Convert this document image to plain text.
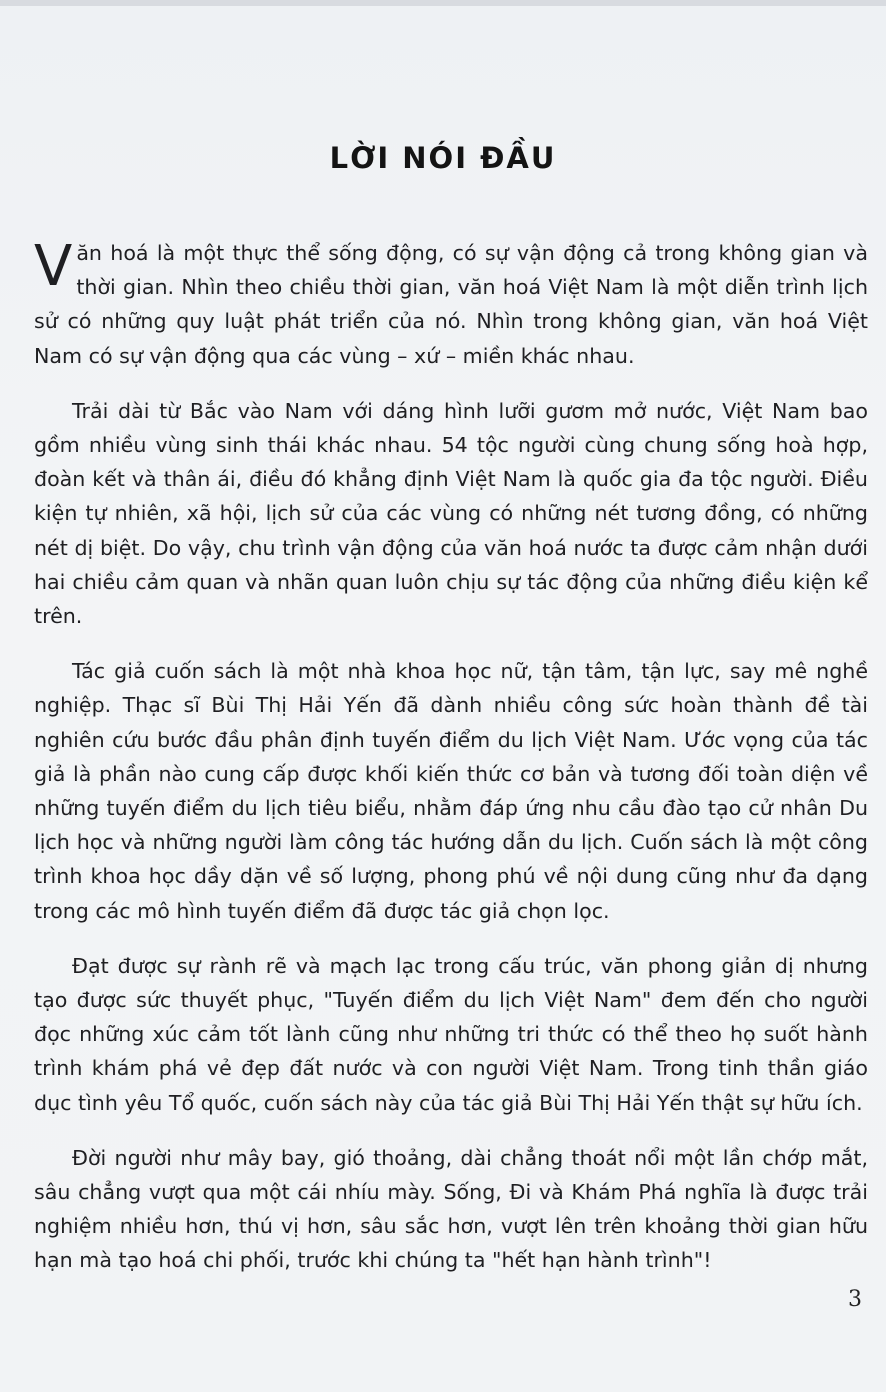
LỜI NÓI ĐẦU

Văn hoá là một thực thể sống động, có sự vận động cả trong không gian và thời gian. Nhìn theo chiều thời gian, văn hoá Việt Nam là một diễn trình lịch sử có những quy luật phát triển của nó. Nhìn trong không gian, văn hoá Việt Nam có sự vận động qua các vùng – xứ – miền khác nhau.

Trải dài từ Bắc vào Nam với dáng hình lưỡi gươm mở nước, Việt Nam bao gồm nhiều vùng sinh thái khác nhau. 54 tộc người cùng chung sống hoà hợp, đoàn kết và thân ái, điều đó khẳng định Việt Nam là quốc gia đa tộc người. Điều kiện tự nhiên, xã hội, lịch sử của các vùng có những nét tương đồng, có những nét dị biệt. Do vậy, chu trình vận động của văn hoá nước ta được cảm nhận dưới hai chiều cảm quan và nhãn quan luôn chịu sự tác động của những điều kiện kể trên.

Tác giả cuốn sách là một nhà khoa học nữ, tận tâm, tận lực, say mê nghề nghiệp. Thạc sĩ Bùi Thị Hải Yến đã dành nhiều công sức hoàn thành đề tài nghiên cứu bước đầu phân định tuyến điểm du lịch Việt Nam. Ước vọng của tác giả là phần nào cung cấp được khối kiến thức cơ bản và tương đối toàn diện về những tuyến điểm du lịch tiêu biểu, nhằm đáp ứng nhu cầu đào tạo cử nhân Du lịch học và những người làm công tác hướng dẫn du lịch. Cuốn sách là một công trình khoa học dầy dặn về số lượng, phong phú về nội dung cũng như đa dạng trong các mô hình tuyến điểm đã được tác giả chọn lọc.

Đạt được sự rành rẽ và mạch lạc trong cấu trúc, văn phong giản dị nhưng tạo được sức thuyết phục, "Tuyến điểm du lịch Việt Nam" đem đến cho người đọc những xúc cảm tốt lành cũng như những tri thức có thể theo họ suốt hành trình khám phá vẻ đẹp đất nước và con người Việt Nam. Trong tinh thần giáo dục tình yêu Tổ quốc, cuốn sách này của tác giả Bùi Thị Hải Yến thật sự hữu ích.

Đời người như mây bay, gió thoảng, dài chẳng thoát nổi một lần chớp mắt, sâu chẳng vượt qua một cái nhíu mày. Sống, Đi và Khám Phá nghĩa là được trải nghiệm nhiều hơn, thú vị hơn, sâu sắc hơn, vượt lên trên khoảng thời gian hữu hạn mà tạo hoá chi phối, trước khi chúng ta "hết hạn hành trình"!

3
